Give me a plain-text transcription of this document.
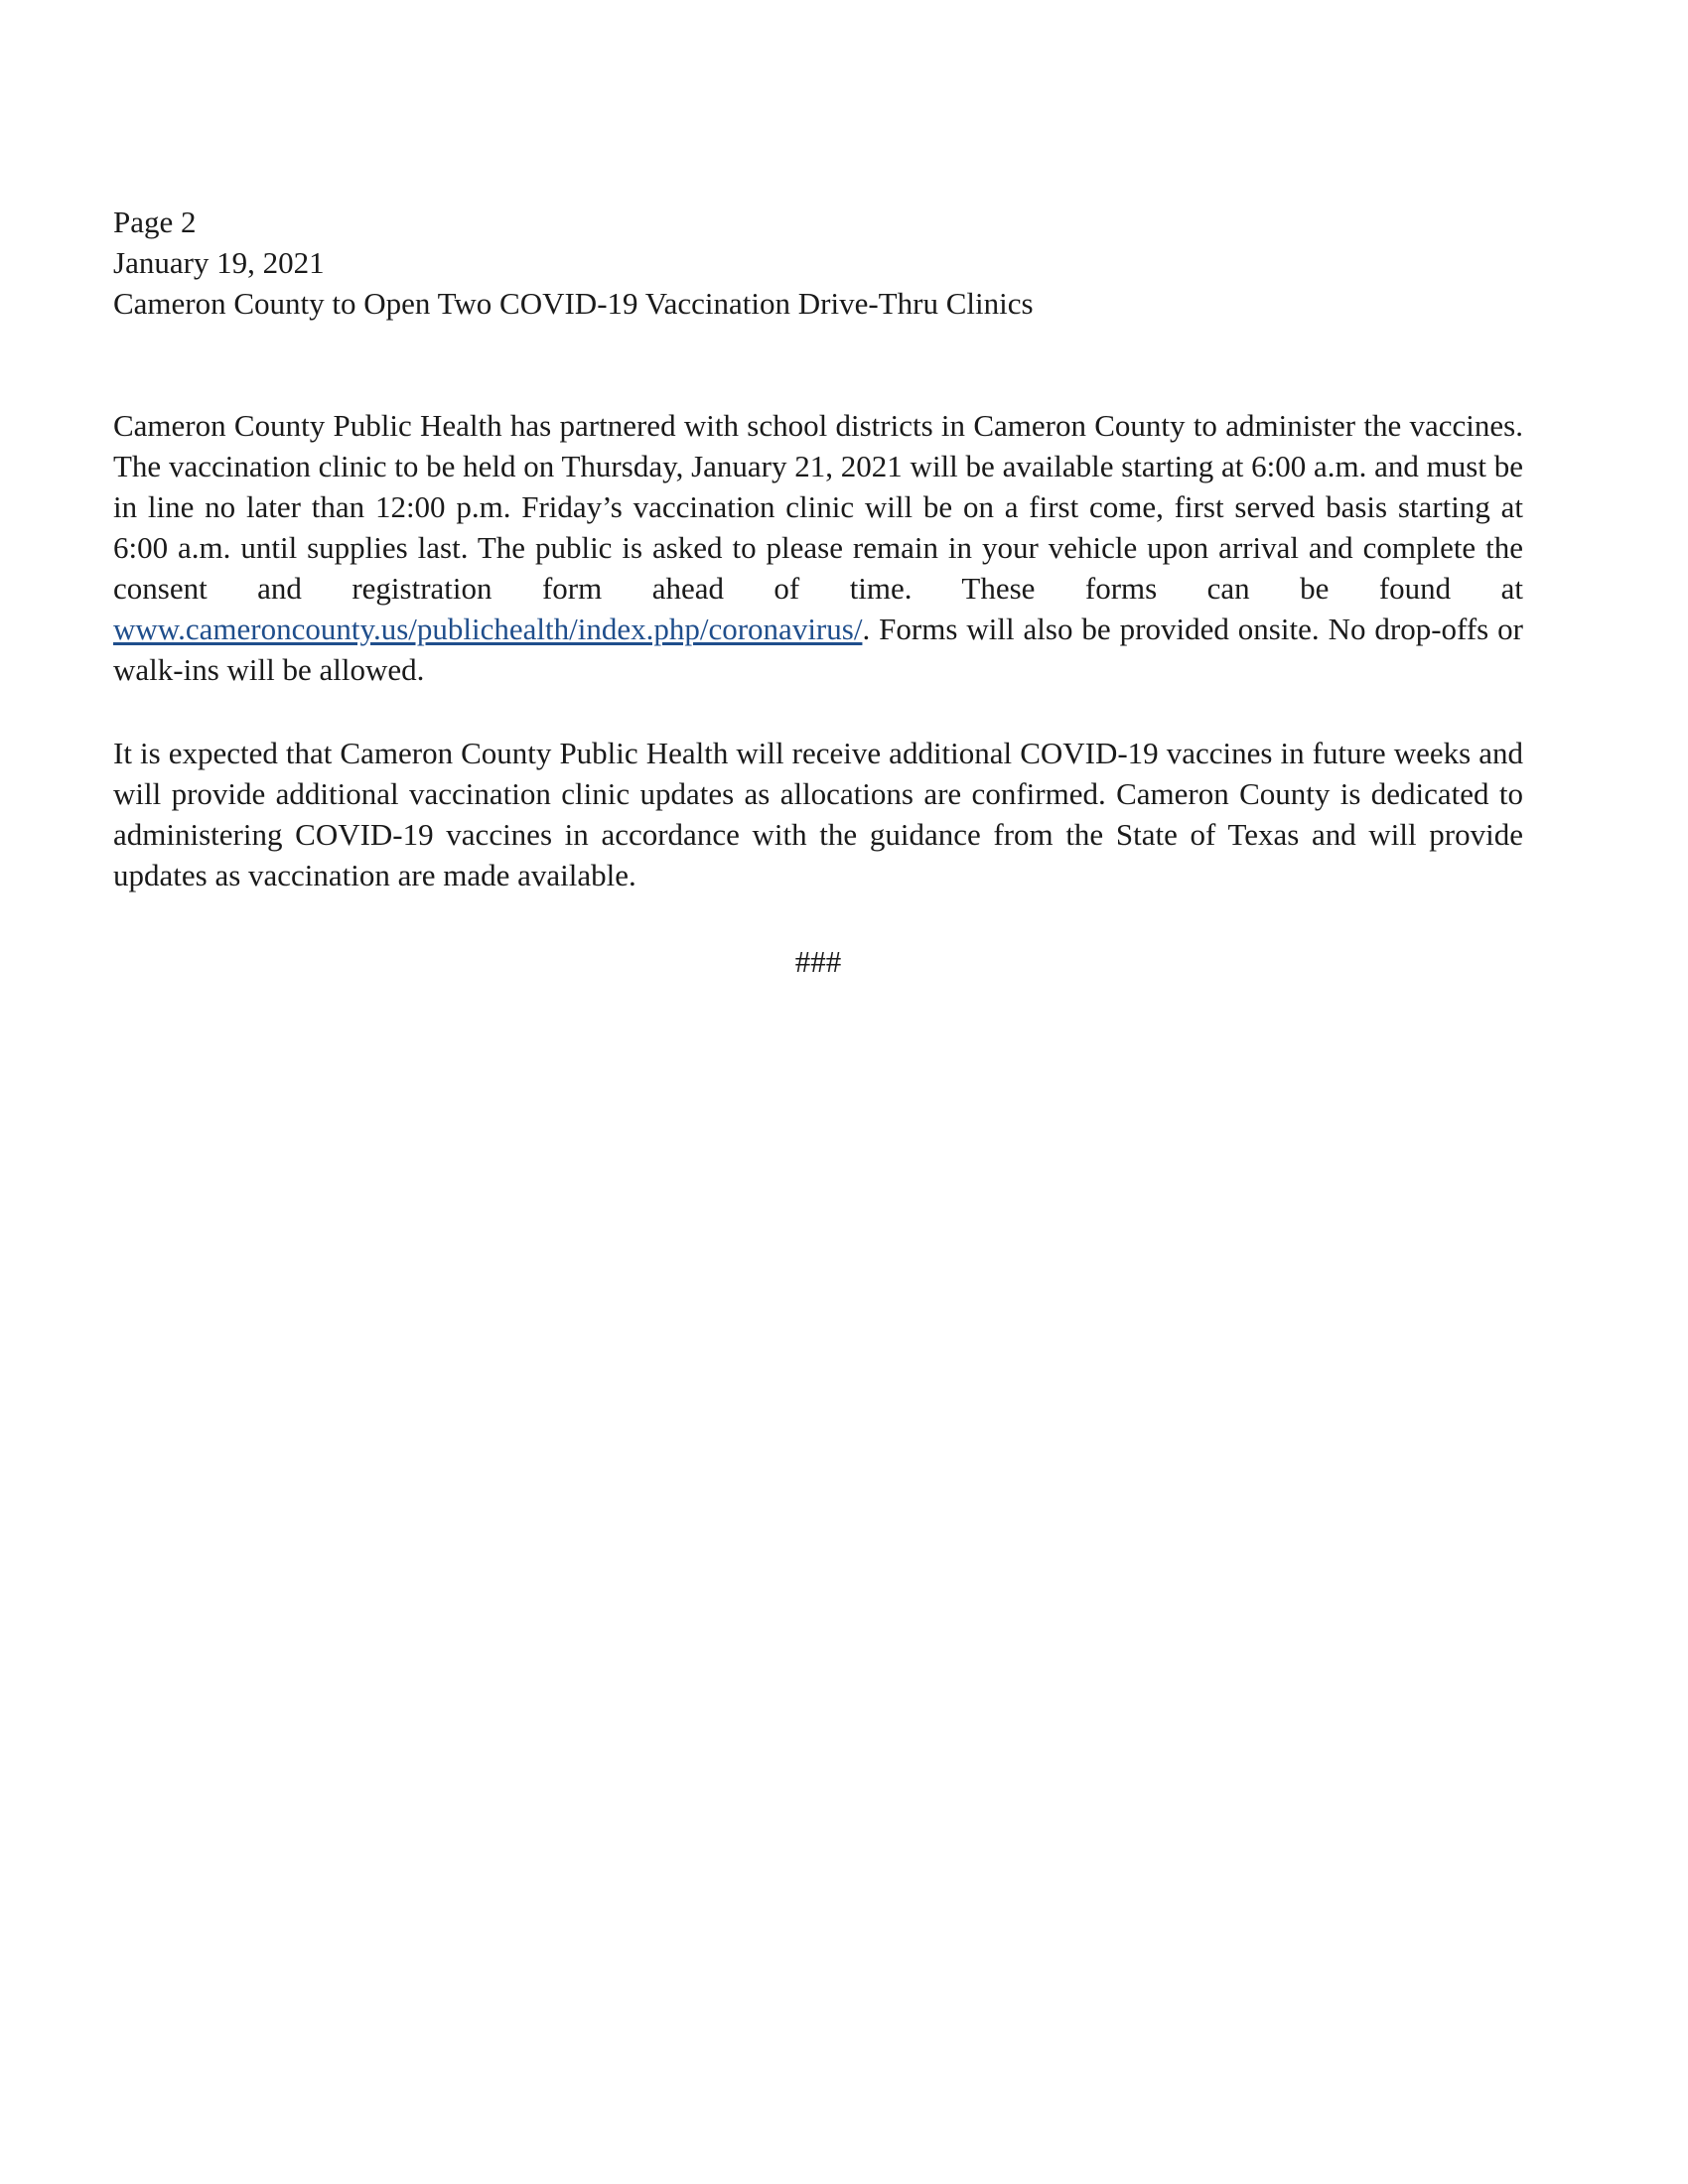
Page 2
January 19, 2021
Cameron County to Open Two COVID-19 Vaccination Drive-Thru Clinics

Cameron County Public Health has partnered with school districts in Cameron County to administer the vaccines. The vaccination clinic to be held on Thursday, January 21, 2021 will be available starting at 6:00 a.m. and must be in line no later than 12:00 p.m. Friday’s vaccination clinic will be on a first come, first served basis starting at 6:00 a.m. until supplies last. The public is asked to please remain in your vehicle upon arrival and complete the consent and registration form ahead of time. These forms can be found at www.cameroncounty.us/publichealth/index.php/coronavirus/. Forms will also be provided onsite. No drop-offs or walk-ins will be allowed.

It is expected that Cameron County Public Health will receive additional COVID-19 vaccines in future weeks and will provide additional vaccination clinic updates as allocations are confirmed. Cameron County is dedicated to administering COVID-19 vaccines in accordance with the guidance from the State of Texas and will provide updates as vaccination are made available.

###
